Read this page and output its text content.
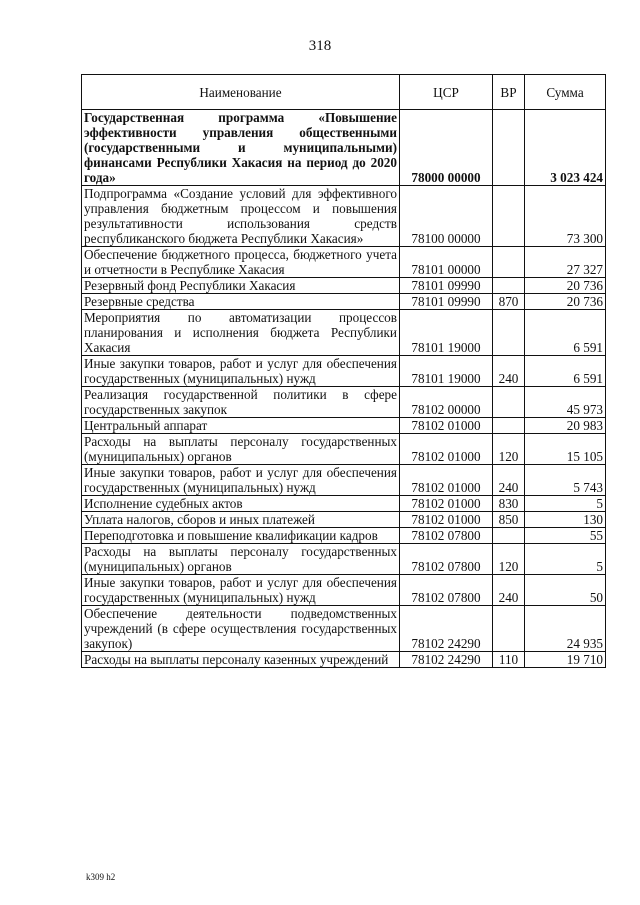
318
Наименование	ЦСР	ВР	Сумма
Государственная программа «Повышение эффективности управления общественными (государственными и муниципальными) финансами Республики Хакасия на период до 2020 года»	78000 00000		3 023 424
Подпрограмма «Создание условий для эффективного управления бюджетным процессом и повышения результативности использования средств республиканского бюджета Республики Хакасия»	78100 00000		73 300
Обеспечение бюджетного процесса, бюджетного учета и отчетности в Республике Хакасия	78101 00000		27 327
Резервный фонд Республики Хакасия	78101 09990		20 736
Резервные средства	78101 09990	870	20 736
Мероприятия по автоматизации процессов планирования и исполнения бюджета Республики Хакасия	78101 19000		6 591
Иные закупки товаров, работ и услуг для обеспечения государственных (муниципальных) нужд	78101 19000	240	6 591
Реализация государственной политики в сфере государственных закупок	78102 00000		45 973
Центральный аппарат	78102 01000		20 983
Расходы на выплаты персоналу государственных (муниципальных) органов	78102 01000	120	15 105
Иные закупки товаров, работ и услуг для обеспечения государственных (муниципальных) нужд	78102 01000	240	5 743
Исполнение судебных актов	78102 01000	830	5
Уплата налогов, сборов и иных платежей	78102 01000	850	130
Переподготовка и повышение квалификации кадров	78102 07800		55
Расходы на выплаты персоналу государственных (муниципальных) органов	78102 07800	120	5
Иные закупки товаров, работ и услуг для обеспечения государственных (муниципальных) нужд	78102 07800	240	50
Обеспечение деятельности подведомственных учреждений (в сфере осуществления государственных закупок)	78102 24290		24 935
Расходы на выплаты персоналу казенных учреждений	78102 24290	110	19 710
k309 h2
